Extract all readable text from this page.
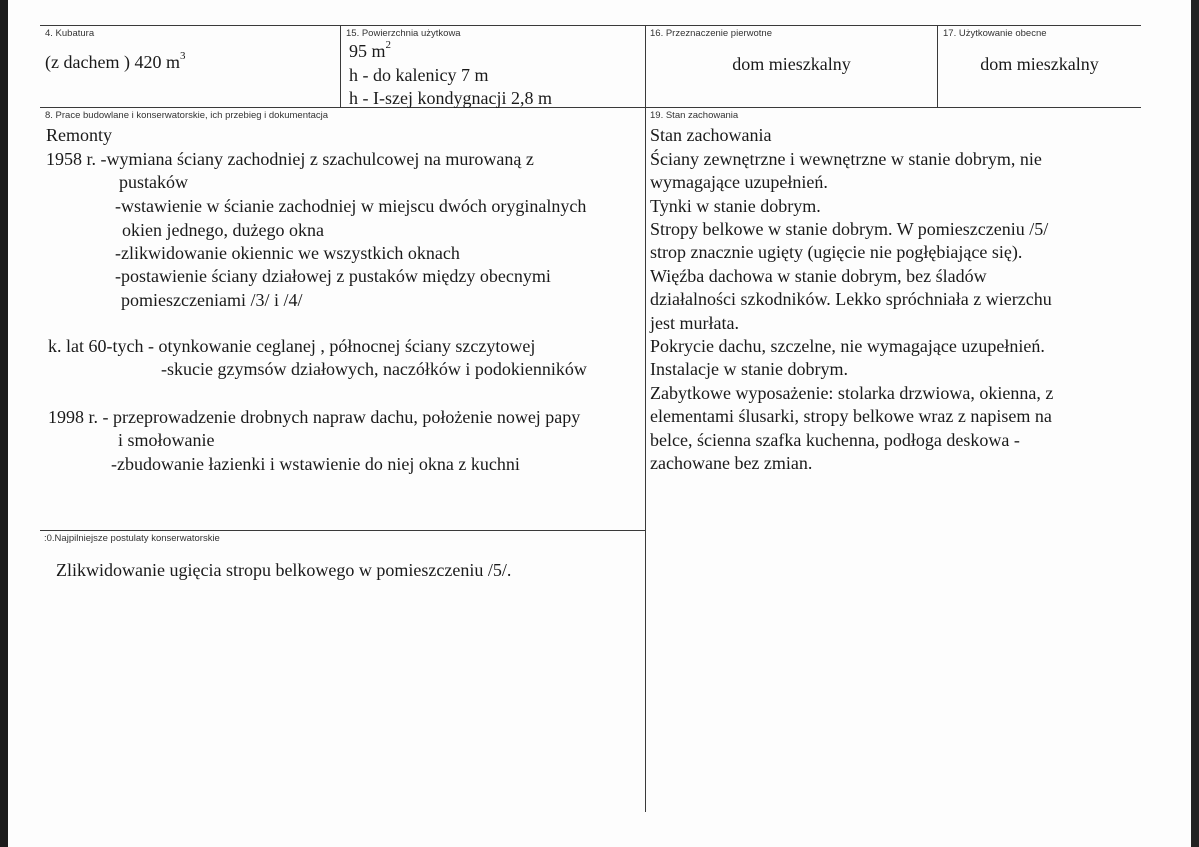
4. Kubatura
(z dachem ) 420 $m^3$
15. Powierzchnia użytkowa
95 $m^2$
h - do kalenicy 7 m
h - I-szej kondygnacji 2,8 m
16. Przeznaczenie pierwotne
dom mieszkalny
17. Użytkowanie obecne
dom mieszkalny
8. Prace budowlane i konserwatorskie, ich przebieg i dokumentacja
Remonty
1958 r. -wymiana ściany zachodniej z szachulcowej na murowaną z
pustaków
-wstawienie w ścianie zachodniej w miejscu dwóch oryginalnych
okien jednego, dużego okna
-zlikwidowanie okiennic we wszystkich oknach
-postawienie ściany działowej z pustaków między obecnymi
pomieszczeniami /3/ i /4/
k. lat 60-tych - otynkowanie ceglanej , północnej ściany szczytowej
-skucie gzymsów działowych, naczółków i podokienników
1998 r. - przeprowadzenie drobnych napraw dachu, położenie nowej papy
i smołowanie
-zbudowanie łazienki i wstawienie do niej okna z kuchni
19. Stan zachowania
Stan zachowania
Ściany zewnętrzne i wewnętrzne w stanie dobrym, nie
wymagające uzupełnień.
Tynki w stanie dobrym.
Stropy belkowe w stanie dobrym. W pomieszczeniu /5/
strop znacznie ugięty (ugięcie nie pogłębiające się).
Więźba dachowa w stanie dobrym, bez śladów
działalności szkodników. Lekko spróchniała z wierzchu
jest murłata.
Pokrycie dachu, szczelne, nie wymagające uzupełnień.
Instalacje w stanie dobrym.
Zabytkowe wyposażenie: stolarka drzwiowa, okienna, z
elementami ślusarki, stropy belkowe wraz z napisem na
belce, ścienna szafka kuchenna, podłoga deskowa -
zachowane bez zmian.
:0.Najpilniejsze postulaty konserwatorskie
Zlikwidowanie ugięcia stropu belkowego w pomieszczeniu /5/.
